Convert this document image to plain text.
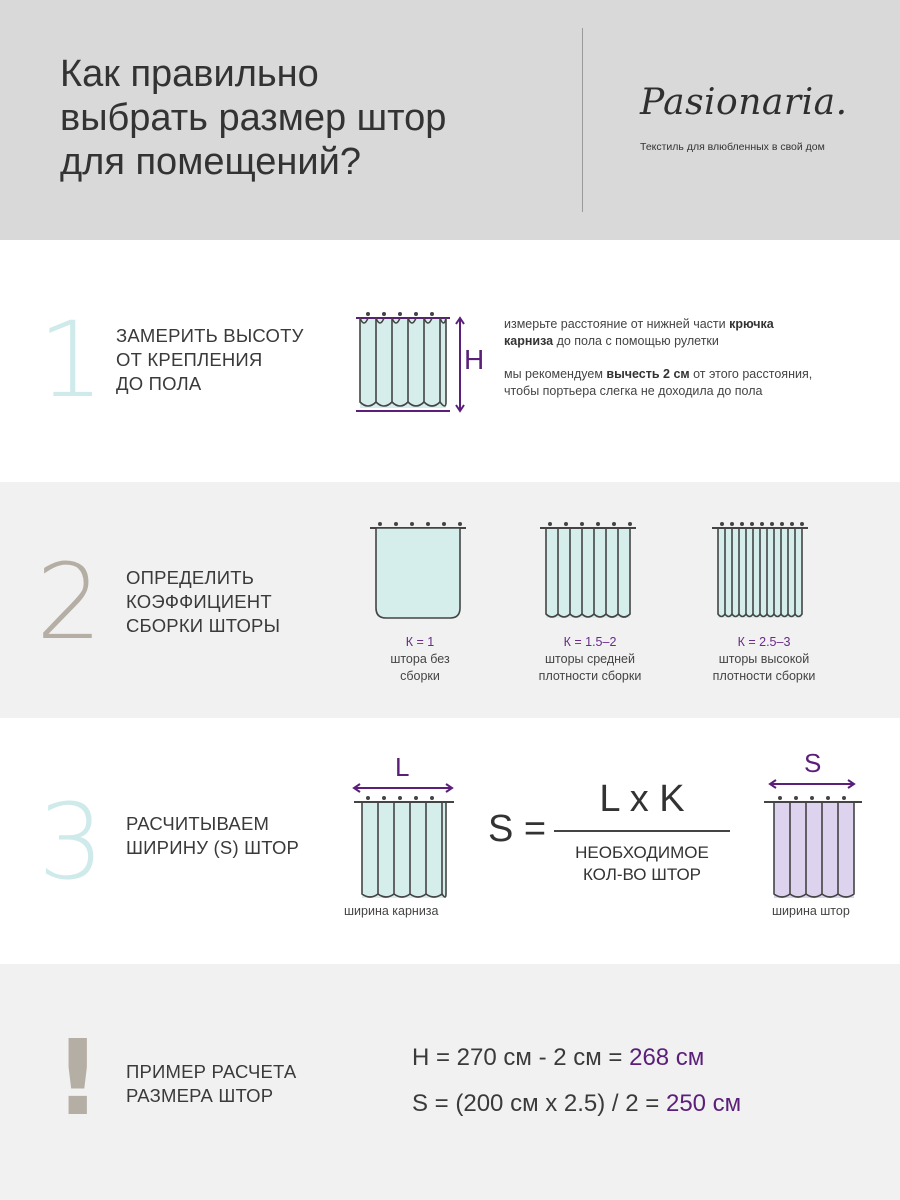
Как правильно
выбрать размер штор
для помещений?
Pasionaria.
Текстиль для влюбленных в свой дом
1 ЗАМЕРИТЬ ВЫСОТУ
ОТ КРЕПЛЕНИЯ
ДО ПОЛА
Н
измерьте расстояние от нижней части крючка
карниза до пола с помощью рулетки
мы рекомендуем вычесть 2 см от этого расстояния,
чтобы портьера слегка не доходила до пола
2 ОПРЕДЕЛИТЬ
КОЭФФИЦИЕНТ
СБОРКИ ШТОРЫ
К = 1
штора без
сборки
К = 1.5–2
шторы средней
плотности сборки
К = 2.5–3
шторы высокой
плотности сборки
3 РАСЧИТЫВАЕМ
ШИРИНУ (S) ШТОР
L
ширина карниза
S =
L x K
НЕОБХОДИМОЕ
КОЛ-ВО ШТОР
S
ширина штор
! ПРИМЕР РАСЧЕТА
РАЗМЕРА ШТОР
Н = 270 см - 2 см = 268 см
S = (200 см x 2.5) / 2 = 250 см
